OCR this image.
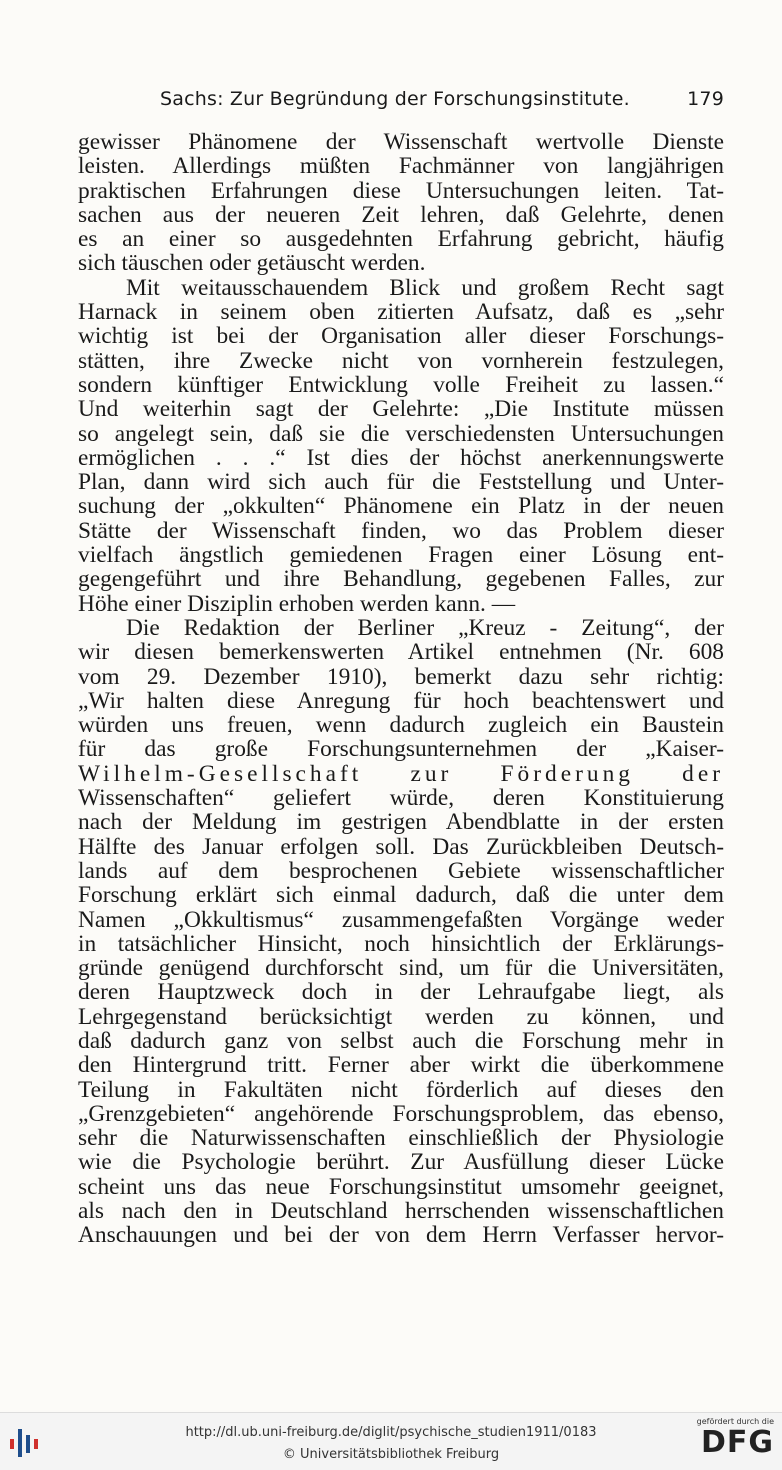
Sachs: Zur Begründung der Forschungsinstitute.	179
gewisser Phänomene der Wissenschaft wertvolle Dienste
leisten. Allerdings müßten Fachmänner von langjährigen
praktischen Erfahrungen diese Untersuchungen leiten. Tat-
sachen aus der neueren Zeit lehren, daß Gelehrte, denen
es an einer so ausgedehnten Erfahrung gebricht, häufig
sich täuschen oder getäuscht werden.
Mit weitausschauendem Blick und großem Recht sagt
Harnack in seinem oben zitierten Aufsatz, daß es „sehr
wichtig ist bei der Organisation aller dieser Forschungs-
stätten, ihre Zwecke nicht von vornherein festzulegen,
sondern künftiger Entwicklung volle Freiheit zu lassen.“
Und weiterhin sagt der Gelehrte: „Die Institute müssen
so angelegt sein, daß sie die verschiedensten Untersuchungen
ermöglichen . . .“ Ist dies der höchst anerkennungswerte
Plan, dann wird sich auch für die Feststellung und Unter-
suchung der „okkulten“ Phänomene ein Platz in der neuen
Stätte der Wissenschaft finden, wo das Problem dieser
vielfach ängstlich gemiedenen Fragen einer Lösung ent-
gegengeführt und ihre Behandlung, gegebenen Falles, zur
Höhe einer Disziplin erhoben werden kann. —
Die Redaktion der Berliner „Kreuz - Zeitung“, der
wir diesen bemerkenswerten Artikel entnehmen (Nr. 608
vom 29. Dezember 1910), bemerkt dazu sehr richtig:
„Wir halten diese Anregung für hoch beachtenswert und
würden uns freuen, wenn dadurch zugleich ein Baustein
für das große Forschungsunternehmen der „Kaiser-
Wilhelm-Gesellschaft zur Förderung der
Wissenschaften“ geliefert würde, deren Konstituierung
nach der Meldung im gestrigen Abendblatte in der ersten
Hälfte des Januar erfolgen soll. Das Zurückbleiben Deutsch-
lands auf dem besprochenen Gebiete wissenschaftlicher
Forschung erklärt sich einmal dadurch, daß die unter dem
Namen „Okkultismus“ zusammengefaßten Vorgänge weder
in tatsächlicher Hinsicht, noch hinsichtlich der Erklärungs-
gründe genügend durchforscht sind, um für die Universitäten,
deren Hauptzweck doch in der Lehraufgabe liegt, als
Lehrgegenstand berücksichtigt werden zu können, und
daß dadurch ganz von selbst auch die Forschung mehr in
den Hintergrund tritt. Ferner aber wirkt die überkommene
Teilung in Fakultäten nicht förderlich auf dieses den
„Grenzgebieten“ angehörende Forschungsproblem, das ebenso,
sehr die Naturwissenschaften einschließlich der Physiologie
wie die Psychologie berührt. Zur Ausfüllung dieser Lücke
scheint uns das neue Forschungsinstitut umsomehr geeignet,
als nach den in Deutschland herrschenden wissenschaftlichen
Anschauungen und bei der von dem Herrn Verfasser hervor-
http://dl.ub.uni-freiburg.de/diglit/psychische_studien1911/0183
© Universitätsbibliothek Freiburg
gefördert durch die
DFG
